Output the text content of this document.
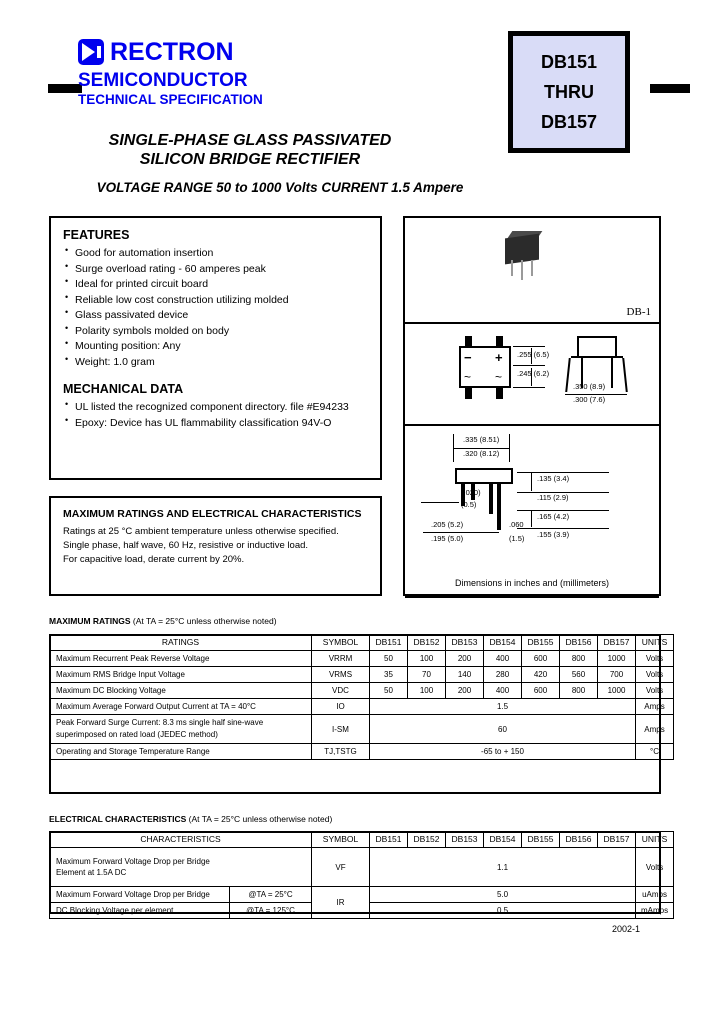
RECTRON
SEMICONDUCTOR
TECHNICAL SPECIFICATION
DB151
THRU
DB157
SINGLE-PHASE GLASS PASSIVATED
SILICON BRIDGE RECTIFIER
VOLTAGE RANGE 50 to 1000 Volts CURRENT 1.5 Ampere
FEATURES
• Good for automation insertion
• Surge overload rating - 60 amperes peak
• Ideal for printed circuit board
• Reliable low cost construction utilizing molded
• Glass passivated device
• Polarity symbols molded on body
• Mounting position: Any
• Weight: 1.0 gram
MECHANICAL DATA
• UL listed the recognized component directory. file #E94233
• Epoxy: Device has UL flammability classification 94V-O
MAXIMUM RATINGS AND ELECTRICAL CHARACTERISTICS

Ratings at 25 °C ambient temperature unless otherwise specified.

Single phase, half wave, 60 Hz, resistive or inductive load.

For capacitive load, derate current by 20%.

DB-1
− +
~ ~
.255 (6.5)
.245 (6.2)
.350 (8.9)
.300 (7.6)
.335 (8.51)
.320 (8.12)
.135 (3.4)
.115 (2.9)
.165 (4.2)
.155 (3.9)
(.020)
(0.5)
.205 (5.2)
.195 (5.0)
.060
(1.5)
Dimensions in inches and (millimeters)
MAXIMUM RATINGS (At TA = 25°C unless otherwise noted)
RATINGS	SYMBOL	DB151	DB152	DB153	DB154	DB155	DB156	DB157	UNITS
Maximum Recurrent Peak Reverse Voltage	VRRM	50	100	200	400	600	800	1000	Volts
Maximum RMS Bridge Input Voltage	VRMS	35	70	140	280	420	560	700	Volts
Maximum DC Blocking Voltage	VDC	50	100	200	400	600	800	1000	Volts
Maximum Average Forward Output Current at TA = 40°C	IO	1.5							Amps
Peak Forward Surge Current: 8.3 ms single half sine-wave superimposed on rated load (JEDEC method)	I-SM	60							Amps
Operating and Storage Temperature Range	TJ,TSTG	-65 to + 150							°C
ELECTRICAL CHARACTERISTICS (At TA = 25°C unless otherwise noted)
CHARACTERISTICS		SYMBOL	DB151	DB152	DB153	DB154	DB155	DB156	DB157	UNITS

Maximum Forward Voltage Drop per Bridge
Element at 1.5A DC		VF	1.1							Volts
Maximum Forward Voltage Drop per Bridge	@TA = 25°C	IR	5.0							uAmps
DC Blocking Voltage per element	@TA = 125°C		0.5							mAmps
2002-1
